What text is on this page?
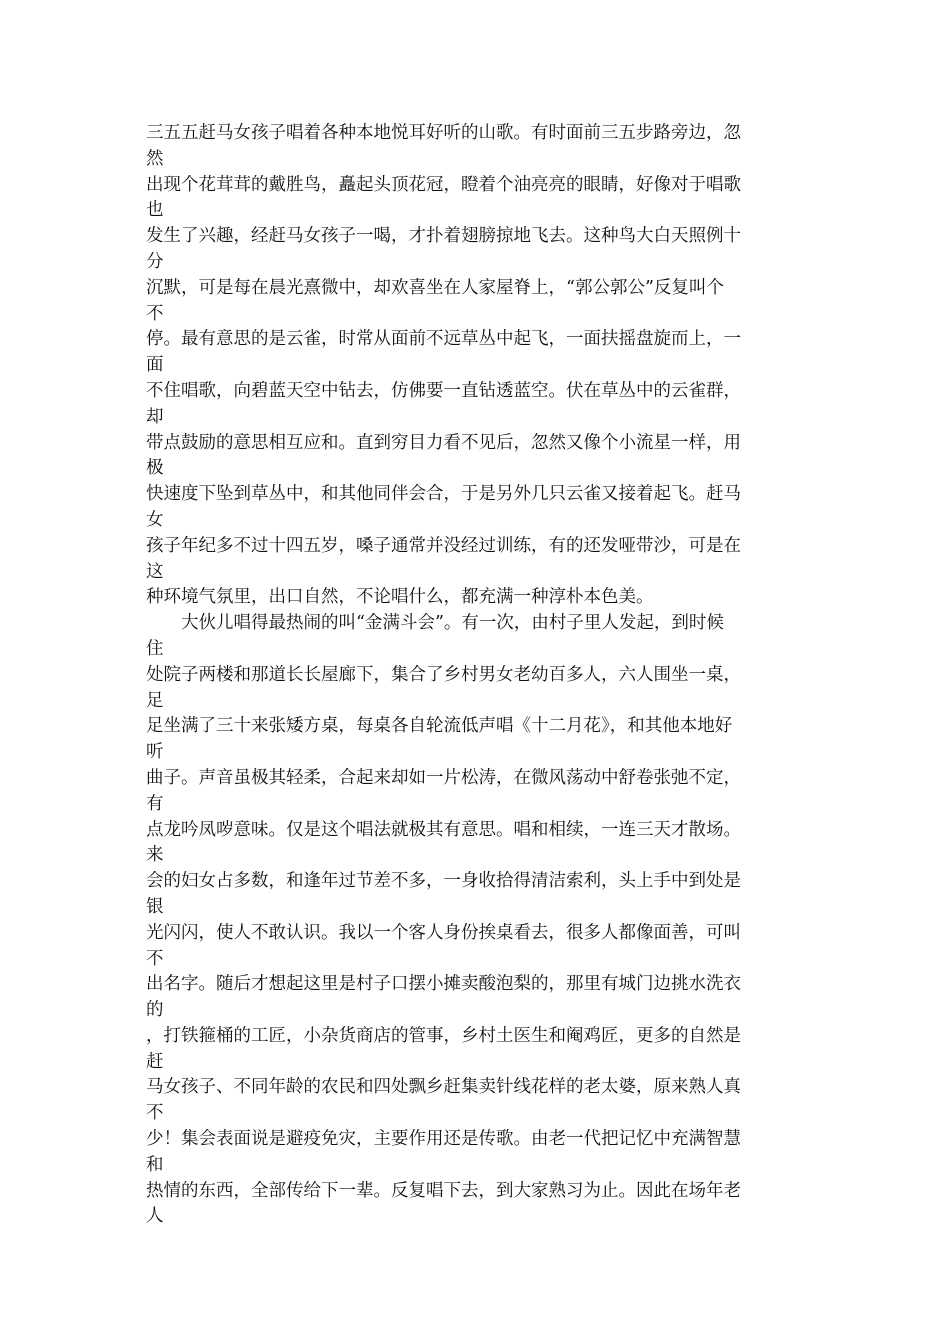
三五五赶马女孩子唱着各种本地悦耳好听的山歌。有时面前三五步路旁边，忽
然
出现个花茸茸的戴胜鸟，矗起头顶花冠，瞪着个油亮亮的眼睛，好像对于唱歌
也
发生了兴趣，经赶马女孩子一喝，才扑着翅膀掠地飞去。这种鸟大白天照例十
分
沉默，可是每在晨光熹微中，却欢喜坐在人家屋脊上，“郭公郭公”反复叫个
不
停。最有意思的是云雀，时常从面前不远草丛中起飞，一面扶摇盘旋而上，一
面
不住唱歌，向碧蓝天空中钻去，仿佛要一直钻透蓝空。伏在草丛中的云雀群，
却
带点鼓励的意思相互应和。直到穷目力看不见后，忽然又像个小流星一样，用
极
快速度下坠到草丛中，和其他同伴会合，于是另外几只云雀又接着起飞。赶马
女
孩子年纪多不过十四五岁，嗓子通常并没经过训练，有的还发哑带沙，可是在
这
种环境气氛里，出口自然，不论唱什么，都充满一种淳朴本色美。
　　大伙儿唱得最热闹的叫“金满斗会”。有一次，由村子里人发起，到时候
住
处院子两楼和那道长长屋廊下，集合了乡村男女老幼百多人，六人围坐一桌，
足
足坐满了三十来张矮方桌，每桌各自轮流低声唱《十二月花》，和其他本地好
听
曲子。声音虽极其轻柔，合起来却如一片松涛，在微风荡动中舒卷张弛不定，
有
点龙吟凤哕意味。仅是这个唱法就极其有意思。唱和相续，一连三天才散场。
来
会的妇女占多数，和逢年过节差不多，一身收拾得清洁索利，头上手中到处是
银
光闪闪，使人不敢认识。我以一个客人身份挨桌看去，很多人都像面善，可叫
不
出名字。随后才想起这里是村子口摆小摊卖酸泡梨的，那里有城门边挑水洗衣
的
，打铁箍桶的工匠，小杂货商店的管事，乡村土医生和阉鸡匠，更多的自然是
赶
马女孩子、不同年龄的农民和四处飘乡赶集卖针线花样的老太婆，原来熟人真
不
少！集会表面说是避疫免灾，主要作用还是传歌。由老一代把记忆中充满智慧
和
热情的东西，全部传给下一辈。反复唱下去，到大家熟习为止。因此在场年老
人
